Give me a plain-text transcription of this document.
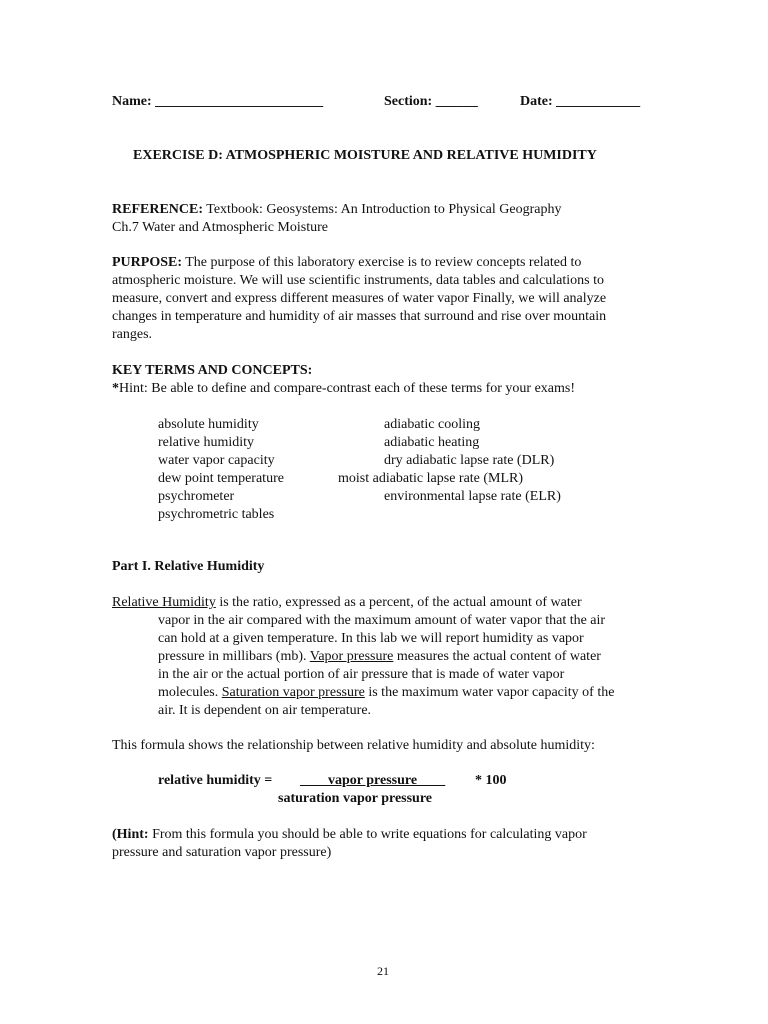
Name: ________________________	Section: ______	Date: ____________
EXERCISE D: ATMOSPHERIC MOISTURE AND RELATIVE HUMIDITY
REFERENCE: Textbook: Geosystems: An Introduction to Physical Geography
Ch.7 Water and Atmospheric Moisture
PURPOSE: The purpose of this laboratory exercise is to review concepts related to
atmospheric moisture. We will use scientific instruments, data tables and calculations to
measure, convert and express different measures of water vapor Finally, we will analyze
changes in temperature and humidity of air masses that surround and rise over mountain
ranges.
KEY TERMS AND CONCEPTS:
*Hint: Be able to define and compare-contrast each of these terms for your exams!
absolute humidity
relative humidity
water vapor capacity
dew point temperature
psychrometer
psychrometric tables
adiabatic cooling
adiabatic heating
dry adiabatic lapse rate (DLR)
moist adiabatic lapse rate (MLR)
environmental lapse rate (ELR)
Part I. Relative Humidity
Relative Humidity is the ratio, expressed as a percent, of the actual amount of water
vapor in the air compared with the maximum amount of water vapor that the air
can hold at a given temperature. In this lab we will report humidity as vapor
pressure in millibars (mb). Vapor pressure measures the actual content of water
in the air or the actual portion of air pressure that is made of water vapor
molecules. Saturation vapor pressure is the maximum water vapor capacity of the
air. It is dependent on air temperature.
This formula shows the relationship between relative humidity and absolute humidity:
relative humidity = ____vapor pressure____ * 100
saturation vapor pressure
(Hint: From this formula you should be able to write equations for calculating vapor
pressure and saturation vapor pressure)
21
